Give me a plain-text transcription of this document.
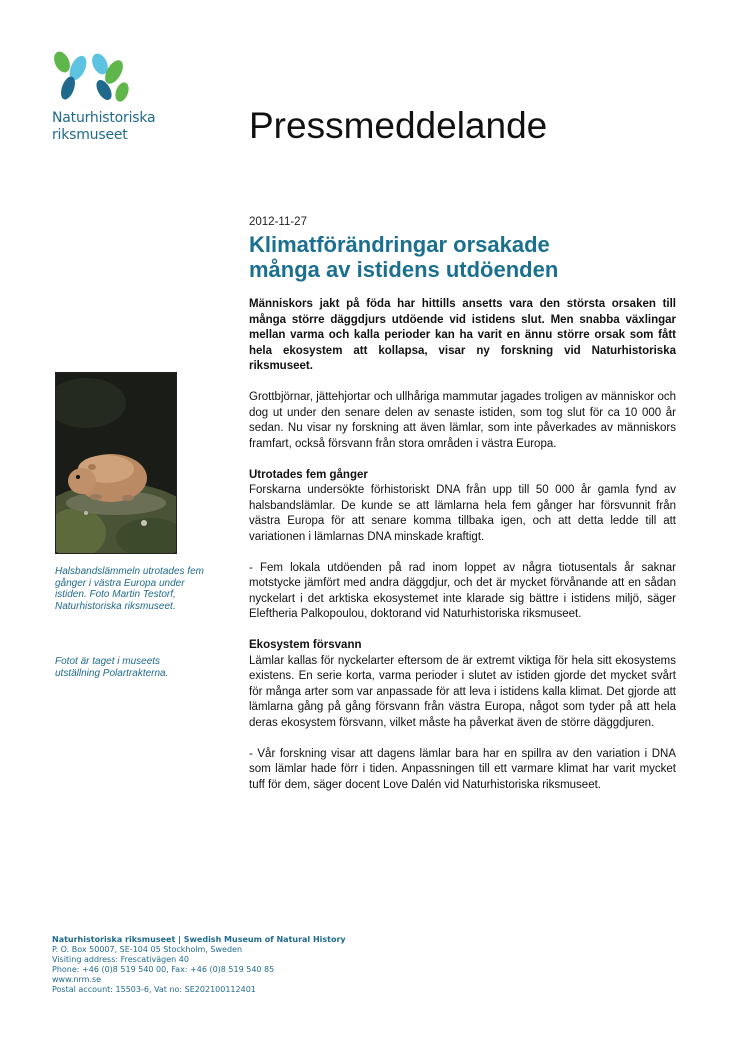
Naturhistoriska
riksmuseet	Pressmeddelande
2012-11-27
Klimatförändringar orsakade
många av istidens utdöenden

Människors jakt på föda har hittills ansetts vara den största orsaken till många större däggdjurs utdöende vid istidens slut. Men snabba växlingar mellan varma och kalla perioder kan ha varit en ännu större orsak som fått hela ekosystem att kollapsa, visar ny forskning vid Naturhistoriska riksmuseet.

Grottbjörnar, jättehjortar och ullhåriga mammutar jagades troligen av människor och dog ut under den senare delen av senaste istiden, som tog slut för ca 10 000 år sedan. Nu visar ny forskning att även lämlar, som inte påverkades av människors framfart, också försvann från stora områden i västra Europa.

Utrotades fem gånger

Forskarna undersökte förhistoriskt DNA från upp till 50 000 år gamla fynd av halsbandslämlar. De kunde se att lämlarna hela fem gånger har försvunnit från västra Europa för att senare komma tillbaka igen, och att detta ledde till att variationen i lämlarnas DNA minskade kraftigt.

- Fem lokala utdöenden på rad inom loppet av några tiotusentals år saknar motstycke jämfört med andra däggdjur, och det är mycket förvånande att en sådan nyckelart i det arktiska ekosystemet inte klarade sig bättre i istidens miljö, säger Eleftheria Palkopoulou, doktorand vid Naturhistoriska riksmuseet.

Ekosystem försvann

Lämlar kallas för nyckelarter eftersom de är extremt viktiga för hela sitt ekosystems existens. En serie korta, varma perioder i slutet av istiden gjorde det mycket svårt för många arter som var anpassade för att leva i istidens kalla klimat. Det gjorde att lämlarna gång på gång försvann från västra Europa, något som tyder på att hela deras ekosystem försvann, vilket måste ha påverkat även de större däggdjuren.

- Vår forskning visar att dagens lämlar bara har en spillra av den variation i DNA som lämlar hade förr i tiden. Anpassningen till ett varmare klimat har varit mycket tuff för dem, säger docent Love Dalén vid Naturhistoriska riksmuseet.

Halsbandslämmeln utrotades fem gånger i västra Europa under istiden. Foto Martin Testorf, Naturhistoriska riksmuseet.
Fotot är taget i museets utställning Polartrakterna.
Naturhistoriska riksmuseet | Swedish Museum of Natural History
P. O. Box 50007, SE-104 05 Stockholm, Sweden
Visiting address: Frescativägen 40
Phone: +46 (0)8 519 540 00, Fax: +46 (0)8 519 540 85
www.nrm.se
Postal account: 15503-6, Vat no: SE202100112401
